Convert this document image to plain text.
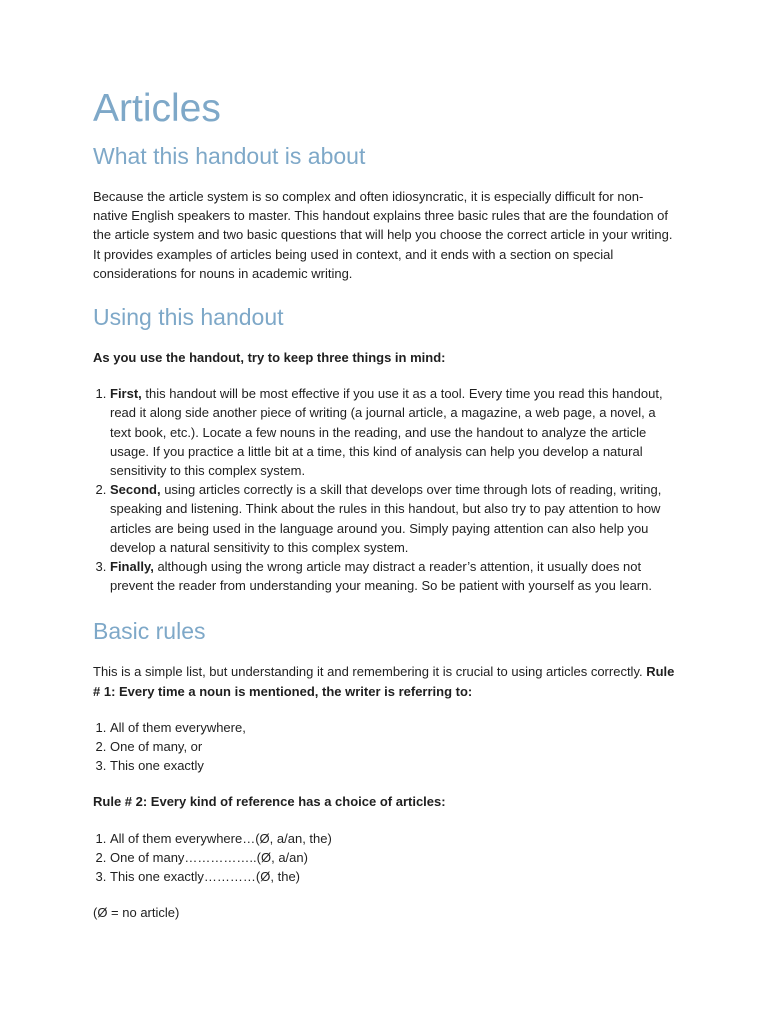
Articles
What this handout is about

Because the article system is so complex and often idiosyncratic, it is especially difficult for non-native English speakers to master. This handout explains three basic rules that are the foundation of the article system and two basic questions that will help you choose the correct article in your writing. It provides examples of articles being used in context, and it ends with a section on special considerations for nouns in academic writing.

Using this handout

As you use the handout, try to keep three things in mind:

1. First, this handout will be most effective if you use it as a tool. Every time you read this handout, read it along side another piece of writing (a journal article, a magazine, a web page, a novel, a text book, etc.). Locate a few nouns in the reading, and use the handout to analyze the article usage. If you practice a little bit at a time, this kind of analysis can help you develop a natural sensitivity to this complex system.
2. Second, using articles correctly is a skill that develops over time through lots of reading, writing, speaking and listening. Think about the rules in this handout, but also try to pay attention to how articles are being used in the language around you. Simply paying attention can also help you develop a natural sensitivity to this complex system.
3. Finally, although using the wrong article may distract a reader’s attention, it usually does not prevent the reader from understanding your meaning. So be patient with yourself as you learn.
Basic rules

This is a simple list, but understanding it and remembering it is crucial to using articles correctly. Rule # 1: Every time a noun is mentioned, the writer is referring to:

1. All of them everywhere,
2. One of many, or
3. This one exactly

Rule # 2: Every kind of reference has a choice of articles:

1. All of them everywhere…(Ø, a/an, the)
2. One of many……………..(Ø, a/an)
3. This one exactly…………(Ø, the)

(Ø = no article)
